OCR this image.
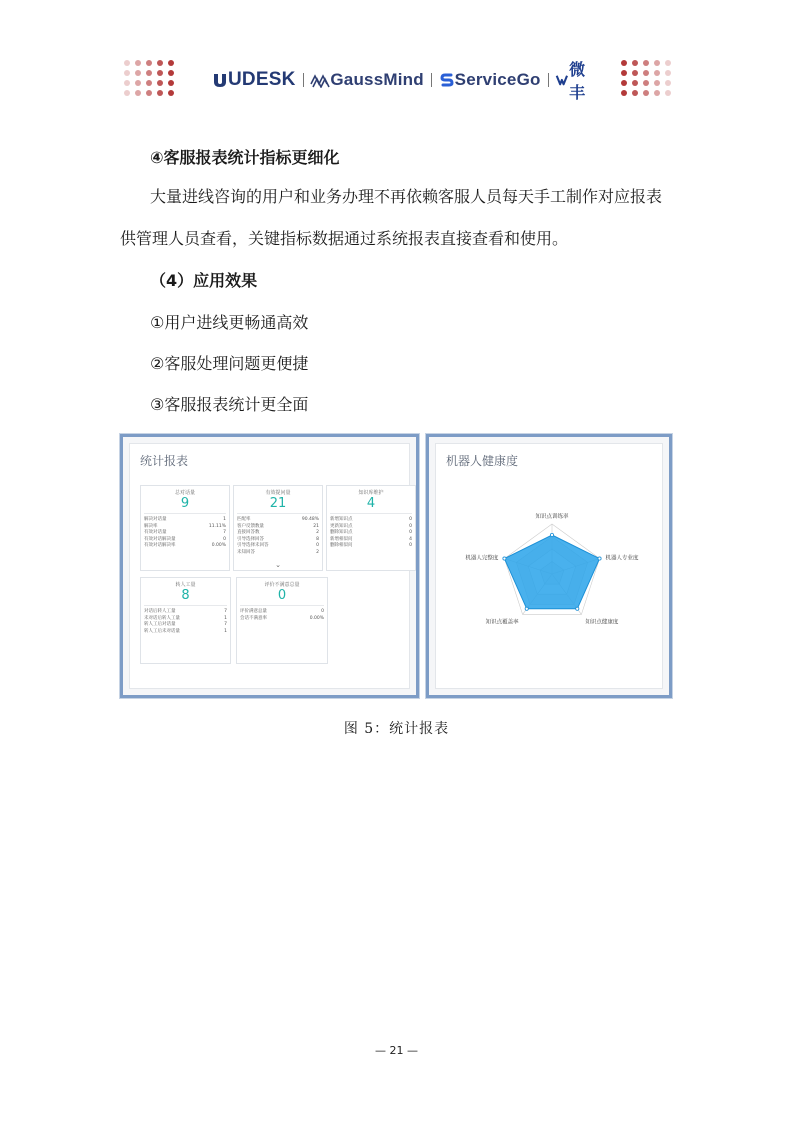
UDESK GaussMind ServiceGo 微丰
④客服报表统计指标更细化
大量进线咨询的用户和业务办理不再依赖客服人员每天手工制作对应报表
供管理人员查看，关键指标数据通过系统报表直接查看和使用。
（4）应用效果
①用户进线更畅通高效
②客服处理问题更便捷
③客服报表统计更全面
统计报表
总对话量
9
解决对话量	1
解决率	11.11%
有效对话量	7
有效对话解决量	0
有效对话解决率	0.00%
有效提问量
21
匹配率	90.48%
客户反馈数量	21
直接回答数	2
引导选择回答	8
引导选择未回答	0
未知回答	2
⌄
知识库维护
4
新增知识点	0
更新知识点	0
删除知识点	0
新增相似问	4
删除相似问	0
转人工量
8
对话后转人工量	7
未对话后转人工量	1
转人工后对话量	7
转人工后未对话量	1
评价不满意总量
0
评价满意总量	0
会话不满意率	0.00%
机器人健康度
知识点训练率
机器人专业度
知识点健康度
知识点覆盖率
机器人完整度
图 5：统计报表
— 21 —
